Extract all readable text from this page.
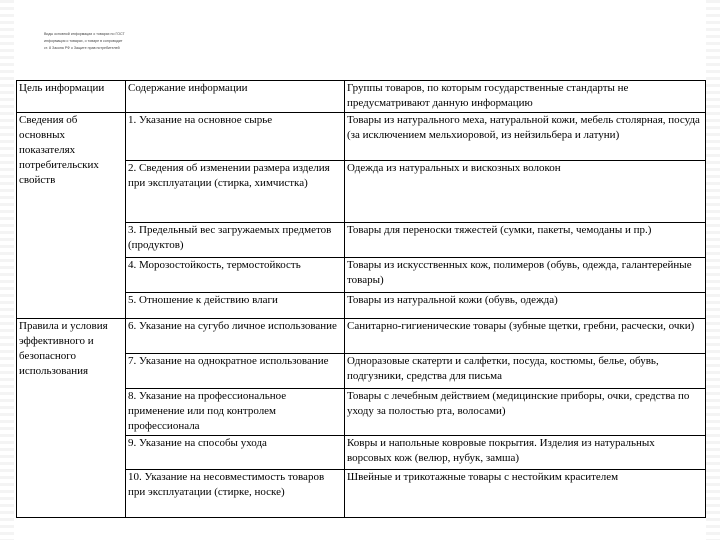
Виды основной информации о товарах по ГОСТ
информация о товарах, о товаре в сопроводит
ст. 8 Закона РФ о Защите прав потребителей
Цель информации	Содержание информации	Группы товаров, по которым государственные стандарты не предусматривают данную информацию
Сведения об основных показателях потребительских свойств	1. Указание на основное сырье	Товары из натурального меха, натуральной кожи, мебель столярная, посуда (за исключением мельхиоровой, из нейзильбера и латуни)
	2. Сведения об изменении размера изделия при эксплуатации (стирка, химчистка)	Одежда из натуральных и вискозных волокон
	3. Предельный вес загружаемых предметов (продуктов)	Товары для переноски тяжестей (сумки, пакеты, чемоданы и пр.)
	4. Морозостойкость, термостойкость	Товары из искусственных кож, полимеров (обувь, одежда, галантерейные товары)
	5. Отношение к действию влаги	Товары из натуральной кожи (обувь, одежда)
Правила и условия эффективного и безопасного использования	6. Указание на сугубо личное использование	Санитарно-гигиенические товары (зубные щетки, гребни, расчески, очки)
	7. Указание на однократное использование	Одноразовые скатерти и салфетки, посуда, костюмы, белье, обувь, подгузники, средства для письма
	8. Указание на профессиональное применение или под контролем профессионала	Товары с лечебным действием (медицинские приборы, очки, средства по уходу за полостью рта, волосами)
	9. Указание на способы ухода	Ковры и напольные ковровые покрытия. Изделия из натуральных ворсовых кож (велюр, нубук, замша)
	10. Указание на несовместимость товаров при эксплуатации (стирке, носке)	Швейные и трикотажные товары с нестойким красителем
